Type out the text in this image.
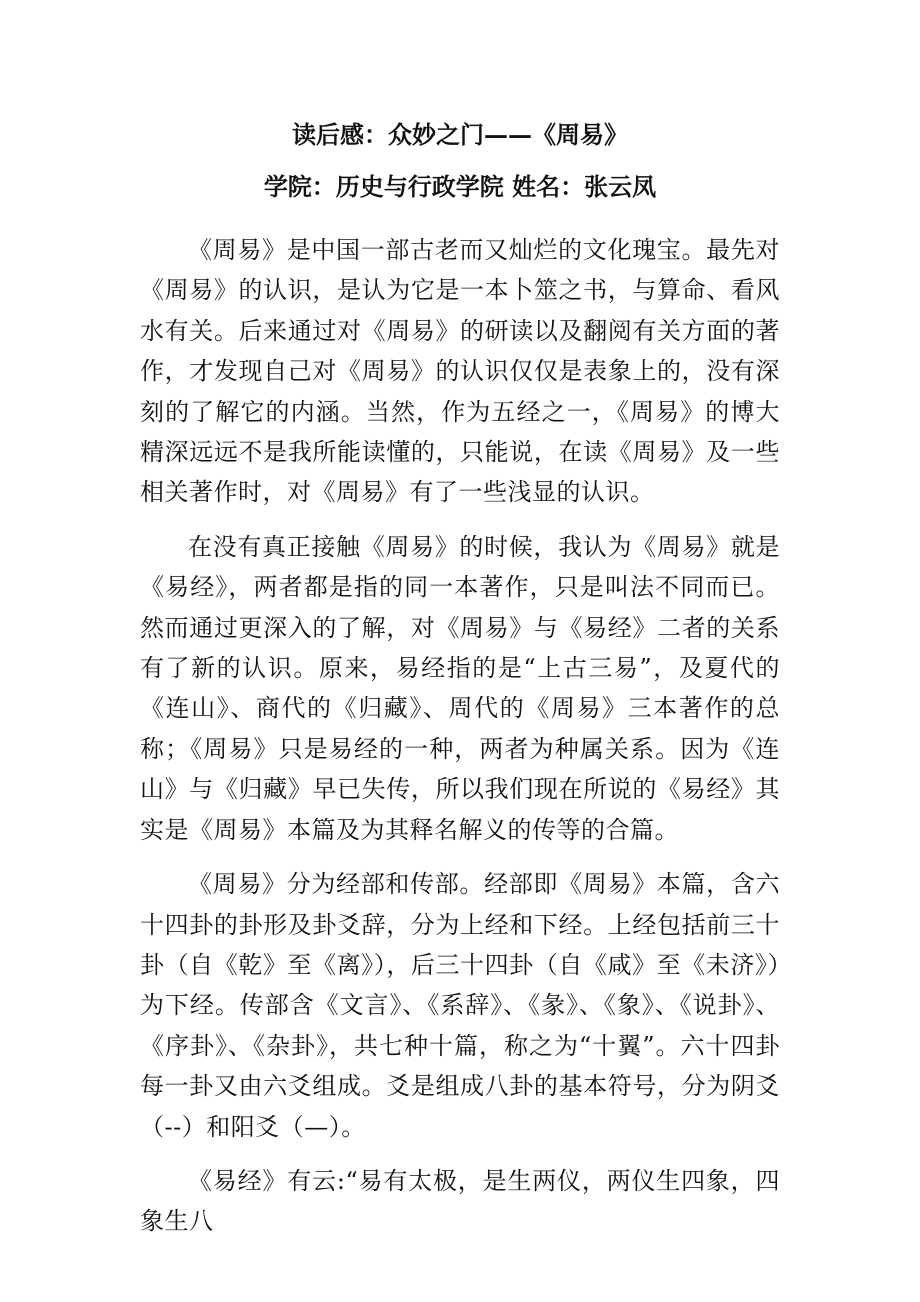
读后感：众妙之门——《周易》
学院：历史与行政学院 姓名：张云凤

《周易》是中国一部古老而又灿烂的文化瑰宝。最先对《周易》的认识，是认为它是一本卜筮之书，与算命、看风水有关。后来通过对《周易》的研读以及翻阅有关方面的著作，才发现自己对《周易》的认识仅仅是表象上的，没有深刻的了解它的内涵。当然，作为五经之一，《周易》的博大精深远远不是我所能读懂的，只能说，在读《周易》及一些相关著作时，对《周易》有了一些浅显的认识。

在没有真正接触《周易》的时候，我认为《周易》就是《易经》，两者都是指的同一本著作，只是叫法不同而已。然而通过更深入的了解，对《周易》与《易经》二者的关系有了新的认识。原来，易经指的是“上古三易”，及夏代的《连山》、商代的《归藏》、周代的《周易》三本著作的总称；《周易》只是易经的一种，两者为种属关系。因为《连山》与《归藏》早已失传，所以我们现在所说的《易经》其实是《周易》本篇及为其释名解义的传等的合篇。

《周易》分为经部和传部。经部即《周易》本篇，含六十四卦的卦形及卦爻辞，分为上经和下经。上经包括前三十卦（自《乾》至《离》），后三十四卦（自《咸》至《未济》）为下经。传部含《文言》、《系辞》、《彖》、《象》、《说卦》、《序卦》、《杂卦》，共七种十篇，称之为“十翼”。六十四卦每一卦又由六爻组成。爻是组成八卦的基本符号，分为阴爻（--）和阳爻（—）。

《易经》有云:“易有太极，是生两仪，两仪生四象，四象生八
